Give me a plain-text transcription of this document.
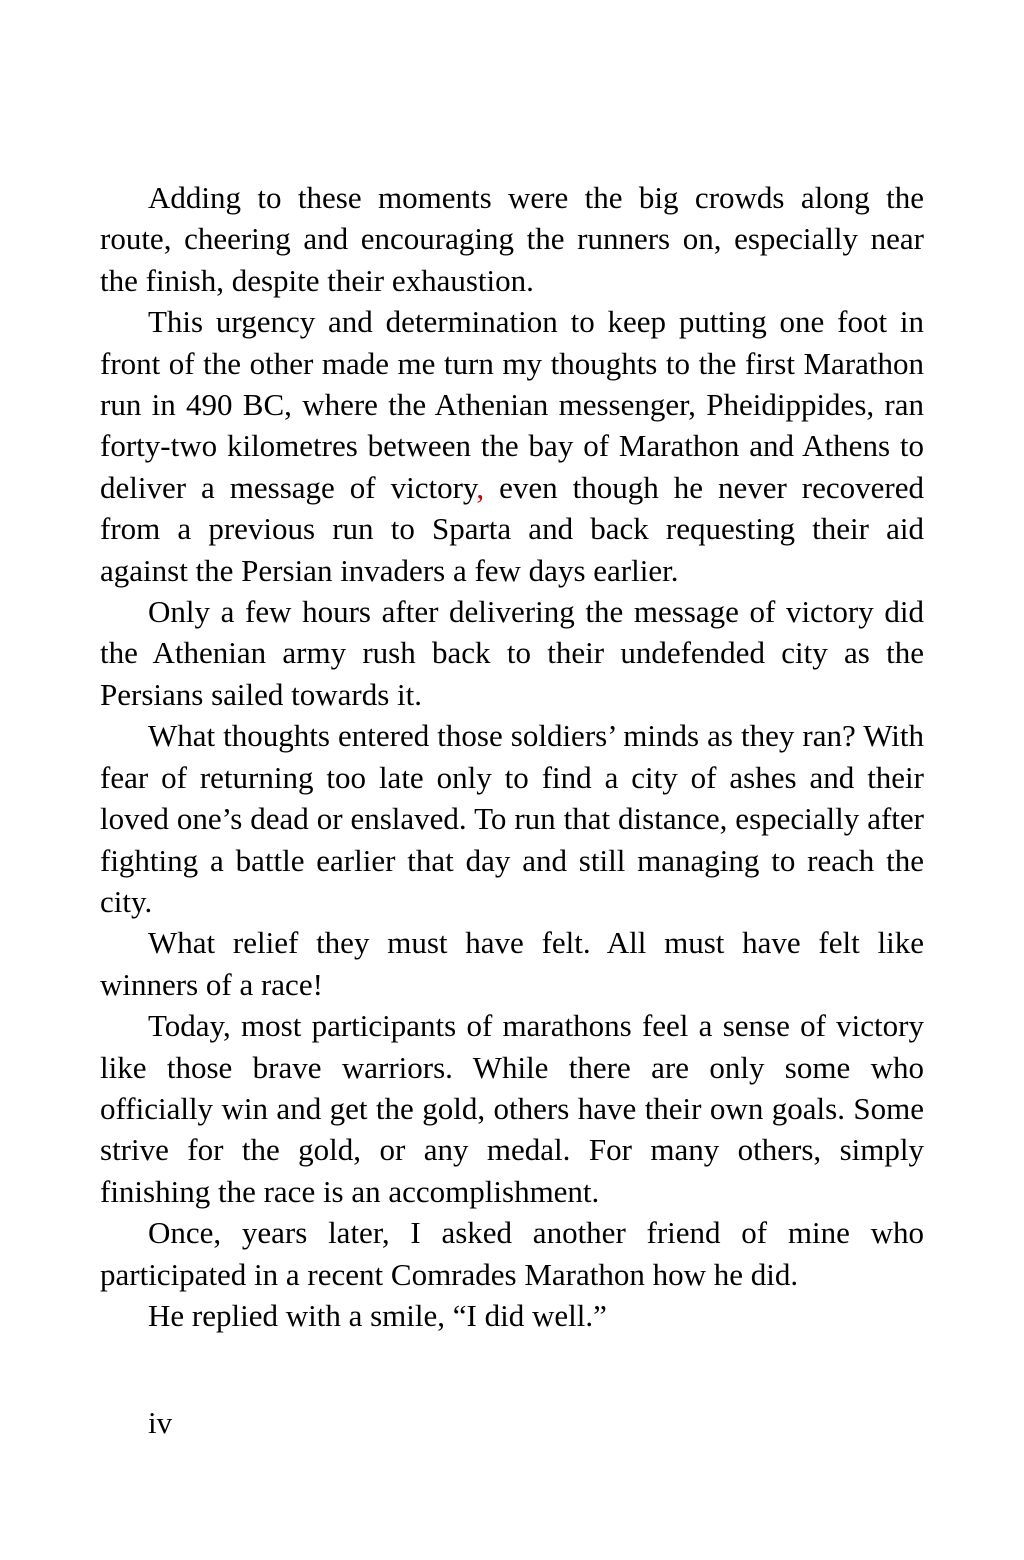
Adding to these moments were the big crowds along the route, cheering and encouraging the runners on, especially near the finish, despite their exhaustion.

This urgency and determination to keep putting one foot in front of the other made me turn my thoughts to the first Marathon run in 490 BC, where the Athenian messenger, Pheidippides, ran forty-two kilometres between the bay of Marathon and Athens to deliver a message of victory, even though he never recovered from a previous run to Sparta and back requesting their aid against the Persian invaders a few days earlier.

Only a few hours after delivering the message of victory did the Athenian army rush back to their undefended city as the Persians sailed towards it.

What thoughts entered those soldiers’ minds as they ran? With fear of returning too late only to find a city of ashes and their loved one’s dead or enslaved. To run that distance, especially after fighting a battle earlier that day and still managing to reach the city.

What relief they must have felt. All must have felt like winners of a race!

Today, most participants of marathons feel a sense of victory like those brave warriors. While there are only some who officially win and get the gold, others have their own goals. Some strive for the gold, or any medal. For many others, simply finishing the race is an accomplishment.

Once, years later, I asked another friend of mine who participated in a recent Comrades Marathon how he did.

He replied with a smile, “I did well.”

iv
